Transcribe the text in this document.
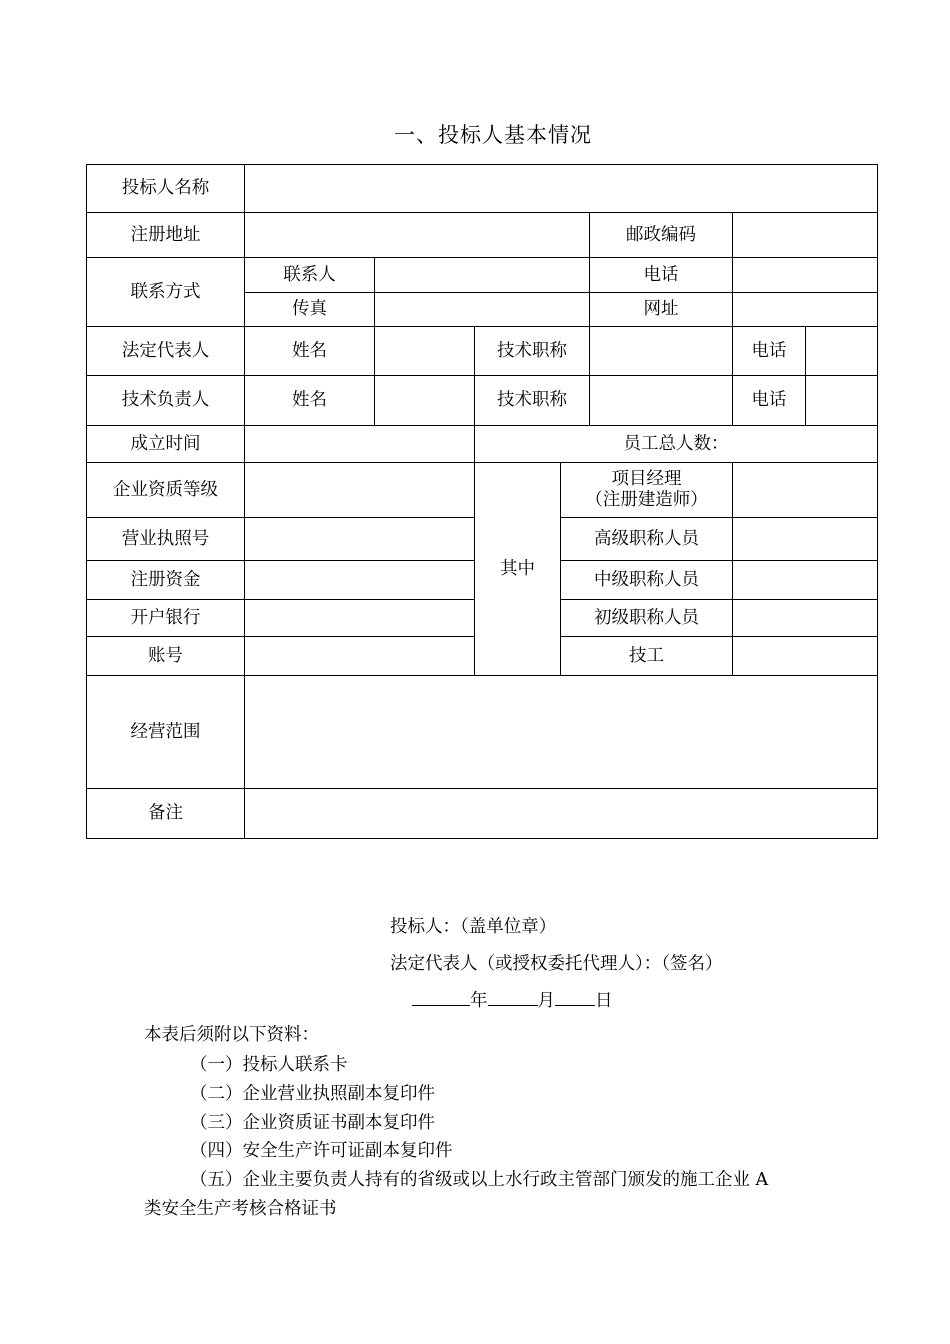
一、投标人基本情况
投标人名称							
注册地址					邮政编码		
联系方式	联系人				电话		
	传真				网址		
法定代表人	姓名		技术职称			电话	
技术负责人	姓名		技术职称			电话	
成立时间			员工总人数：				
企业资质等级			其中	项目经理
（注册建造师）			

营业执照号				高级职称人员			
注册资金				中级职称人员			
开户银行				初级职称人员			
账号				技工			
经营范围							
备注							
投标人：（盖单位章）
法定代表人（或授权委托代理人）：（签名）
年	月 日
本表后须附以下资料：
（一）投标人联系卡
（二）企业营业执照副本复印件
（三）企业资质证书副本复印件
（四）安全生产许可证副本复印件
（五）企业主要负责人持有的省级或以上水行政主管部门颁发的施工企业 A
类安全生产考核合格证书
